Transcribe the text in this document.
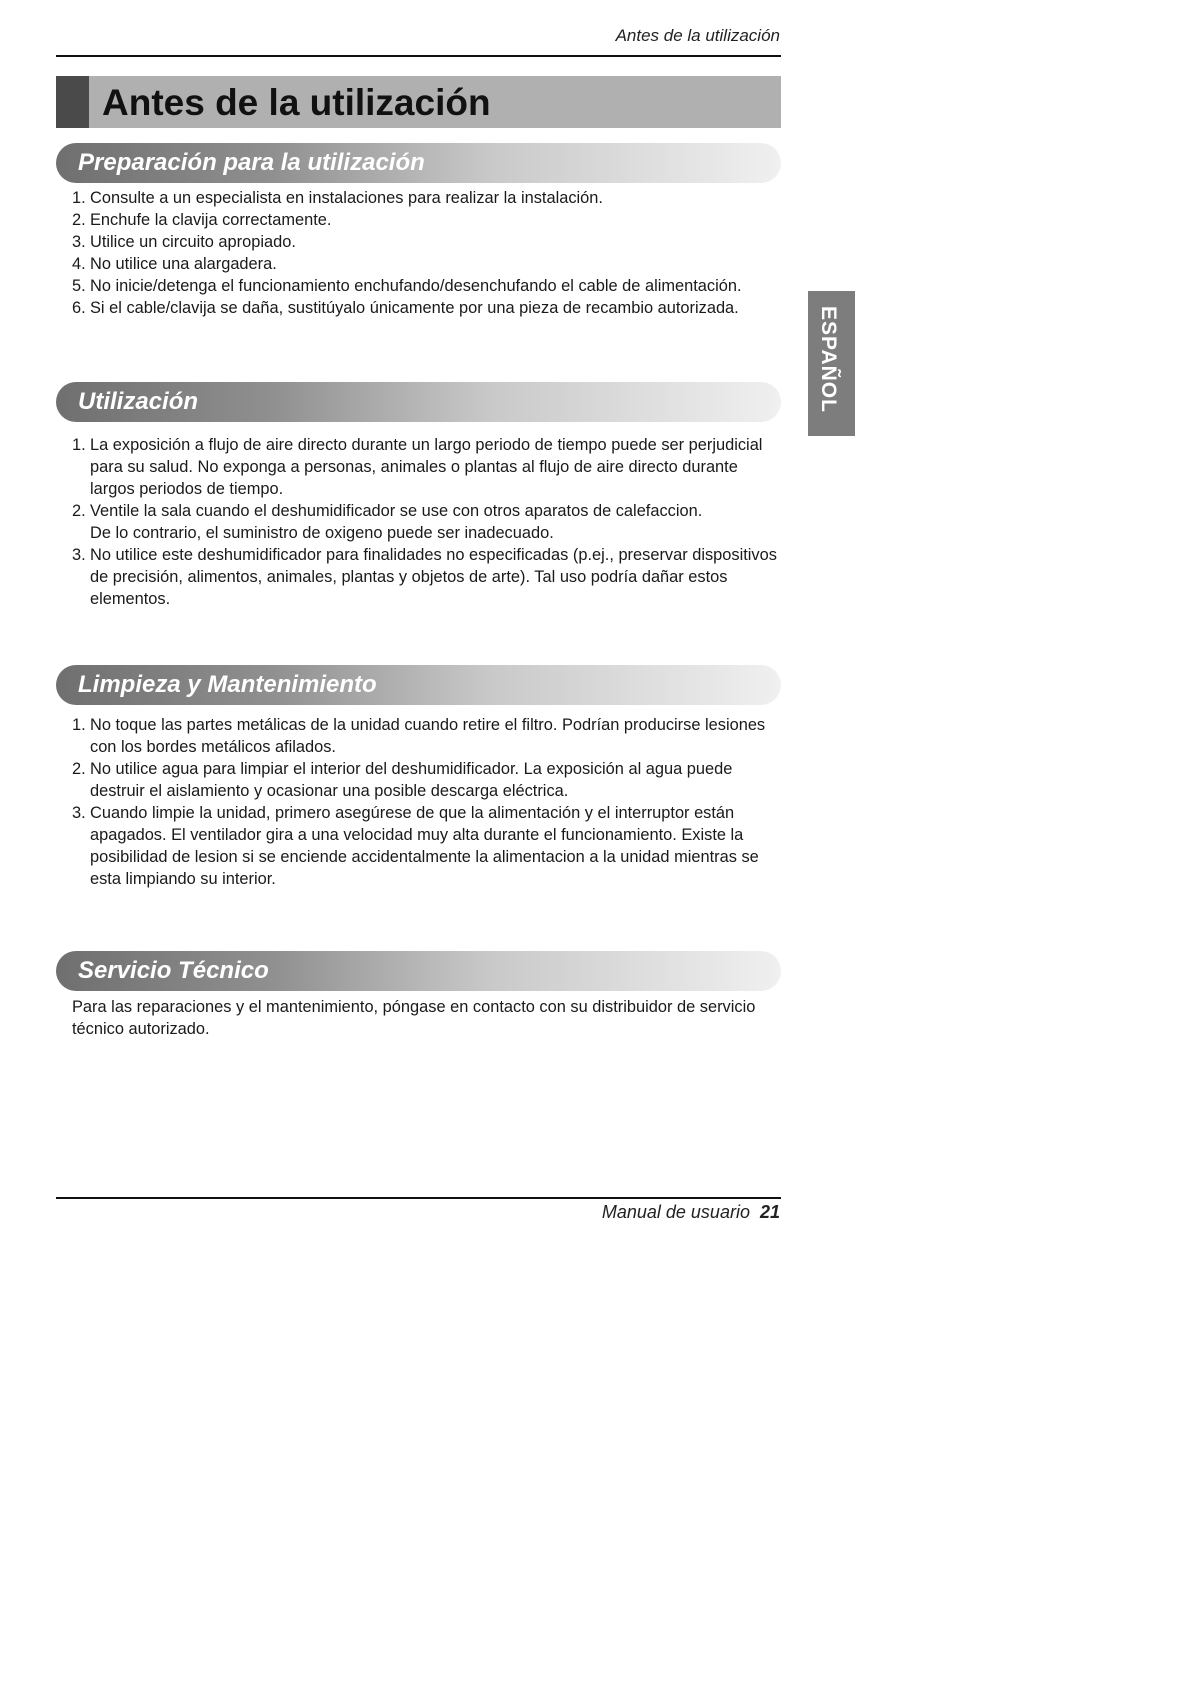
Antes de la utilización
Antes de la utilización
Preparación para la utilización
1. Consulte a un especialista en instalaciones para realizar la instalación.
2. Enchufe la clavija correctamente.
3. Utilice un circuito apropiado.
4. No utilice una alargadera.
5. No inicie/detenga el funcionamiento enchufando/desenchufando el cable de alimentación.
6. Si el cable/clavija se daña, sustitúyalo únicamente por una pieza de recambio autorizada.
Utilización
1. La exposición a flujo de aire directo durante un largo periodo de tiempo puede ser perjudicial para su salud. No exponga a personas, animales o plantas al flujo de aire directo durante largos periodos de tiempo.
2. Ventile la sala cuando el deshumidificador se use con otros aparatos de calefaccion.
De lo contrario, el suministro de oxigeno puede ser inadecuado.
3. No utilice este deshumidificador para finalidades no especificadas (p.ej., preservar dispositivos de precisión, alimentos, animales, plantas y objetos de arte). Tal uso podría dañar estos elementos.
Limpieza y Mantenimiento
1. No toque las partes metálicas de la unidad cuando retire el filtro. Podrían producirse lesiones con los bordes metálicos afilados.
2. No utilice agua para limpiar el interior del deshumidificador. La exposición al agua puede destruir el aislamiento y ocasionar una posible descarga eléctrica.
3. Cuando limpie la unidad, primero asegúrese de que la alimentación y el interruptor están apagados. El ventilador gira a una velocidad muy alta durante el funcionamiento. Existe la posibilidad de lesion si se enciende accidentalmente la alimentacion a la unidad mientras se esta limpiando su interior.
Servicio Técnico

Para las reparaciones y el mantenimiento, póngase en contacto con su distribuidor de servicio técnico autorizado.

ESPAÑOL
Manual de usuario 21
